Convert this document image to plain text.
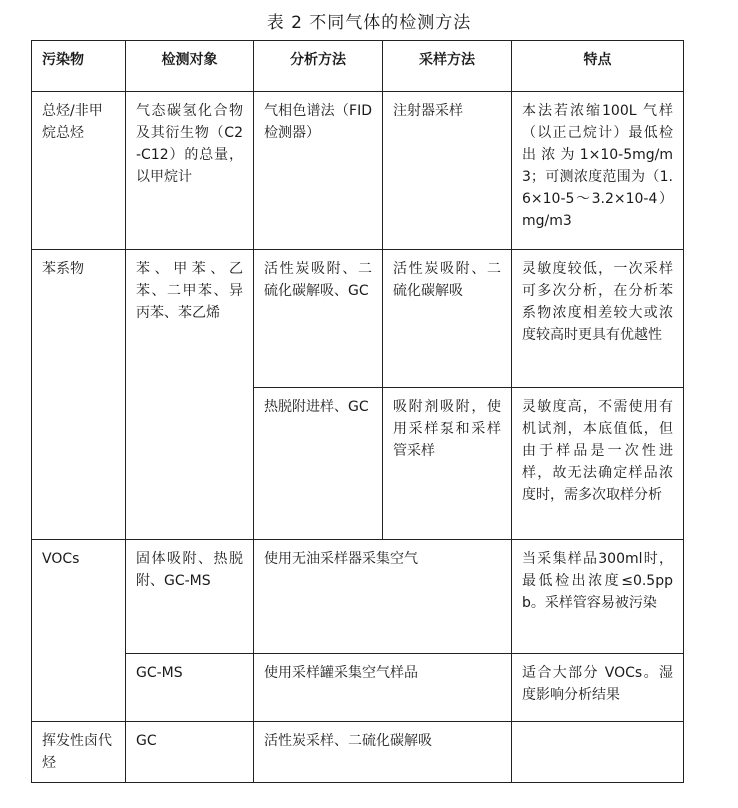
表 2 不同气体的检测方法
污染物	检测对象	分析方法	采样方法	特点
总烃/非甲烷总烃	气态碳氢化合物及其衍生物（C2-C12）的总量，以甲烷计	气相色谱法（FID 检测器）	注射器采样	本法若浓缩100L 气样（以正己烷计）最低检出浓为1×10-5mg/m3；可测浓度范围为（1.6×10-5～3.2×10-4）mg/m3
苯系物	苯、甲苯、乙苯、二甲苯、异丙苯、苯乙烯	活性炭吸附、二硫化碳解吸、GC	活性炭吸附、二硫化碳解吸	灵敏度较低，一次采样可多次分析，在分析苯系物浓度相差较大或浓度较高时更具有优越性
		热脱附进样、GC	吸附剂吸附，使用采样泵和采样管采样	灵敏度高，不需使用有机试剂，本底值低，但由于样品是一次性进样，故无法确定样品浓度时，需多次取样分析
VOCs	固体吸附、热脱附、GC-MS	使用无油采样器采集空气		当采集样品300ml时，最低检出浓度≤0.5ppb。采样管容易被污染
	GC-MS	使用采样罐采集空气样品		适合大部分 VOCs。湿度影响分析结果
挥发性卤代烃	GC	活性炭采样、二硫化碳解吸		
